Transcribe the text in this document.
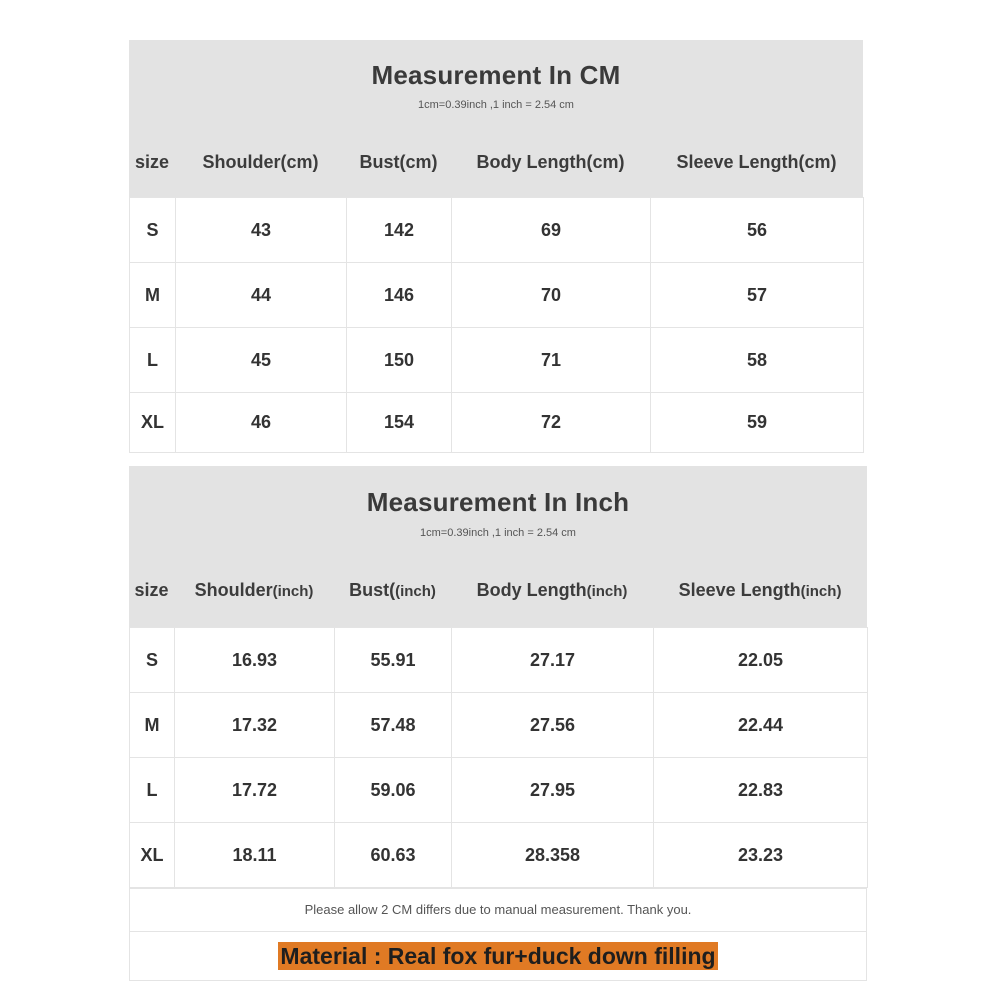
Measurement In CM
1cm=0.39inch ,1 inch = 2.54 cm
size	Shoulder(cm)	Bust(cm)	Body Length(cm)	Sleeve Length(cm)
S	43	142	69	56
M	44	146	70	57
L	45	150	71	58
XL	46	154	72	59
Measurement In Inch
1cm=0.39inch ,1 inch = 2.54 cm
size	Shoulder(inch)	Bust((inch)	Body Length(inch)	Sleeve Length(inch)
S	16.93	55.91	27.17	22.05
M	17.32	57.48	27.56	22.44
L	17.72	59.06	27.95	22.83
XL	18.11	60.63	28.358	23.23
Please allow 2 CM differs due to manual measurement. Thank you.
Material : Real fox fur+duck down filling
